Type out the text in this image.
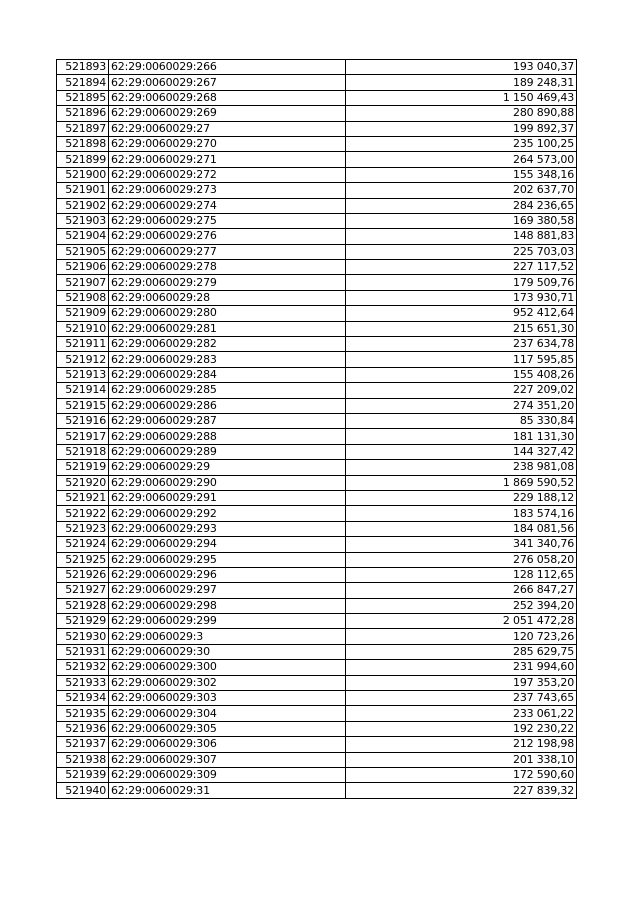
521893	62:29:0060029:266	193 040,37
521894	62:29:0060029:267	189 248,31
521895	62:29:0060029:268	1 150 469,43
521896	62:29:0060029:269	280 890,88
521897	62:29:0060029:27	199 892,37
521898	62:29:0060029:270	235 100,25
521899	62:29:0060029:271	264 573,00
521900	62:29:0060029:272	155 348,16
521901	62:29:0060029:273	202 637,70
521902	62:29:0060029:274	284 236,65
521903	62:29:0060029:275	169 380,58
521904	62:29:0060029:276	148 881,83
521905	62:29:0060029:277	225 703,03
521906	62:29:0060029:278	227 117,52
521907	62:29:0060029:279	179 509,76
521908	62:29:0060029:28	173 930,71
521909	62:29:0060029:280	952 412,64
521910	62:29:0060029:281	215 651,30
521911	62:29:0060029:282	237 634,78
521912	62:29:0060029:283	117 595,85
521913	62:29:0060029:284	155 408,26
521914	62:29:0060029:285	227 209,02
521915	62:29:0060029:286	274 351,20
521916	62:29:0060029:287	85 330,84
521917	62:29:0060029:288	181 131,30
521918	62:29:0060029:289	144 327,42
521919	62:29:0060029:29	238 981,08
521920	62:29:0060029:290	1 869 590,52
521921	62:29:0060029:291	229 188,12
521922	62:29:0060029:292	183 574,16
521923	62:29:0060029:293	184 081,56
521924	62:29:0060029:294	341 340,76
521925	62:29:0060029:295	276 058,20
521926	62:29:0060029:296	128 112,65
521927	62:29:0060029:297	266 847,27
521928	62:29:0060029:298	252 394,20
521929	62:29:0060029:299	2 051 472,28
521930	62:29:0060029:3	120 723,26
521931	62:29:0060029:30	285 629,75
521932	62:29:0060029:300	231 994,60
521933	62:29:0060029:302	197 353,20
521934	62:29:0060029:303	237 743,65
521935	62:29:0060029:304	233 061,22
521936	62:29:0060029:305	192 230,22
521937	62:29:0060029:306	212 198,98
521938	62:29:0060029:307	201 338,10
521939	62:29:0060029:309	172 590,60
521940	62:29:0060029:31	227 839,32
